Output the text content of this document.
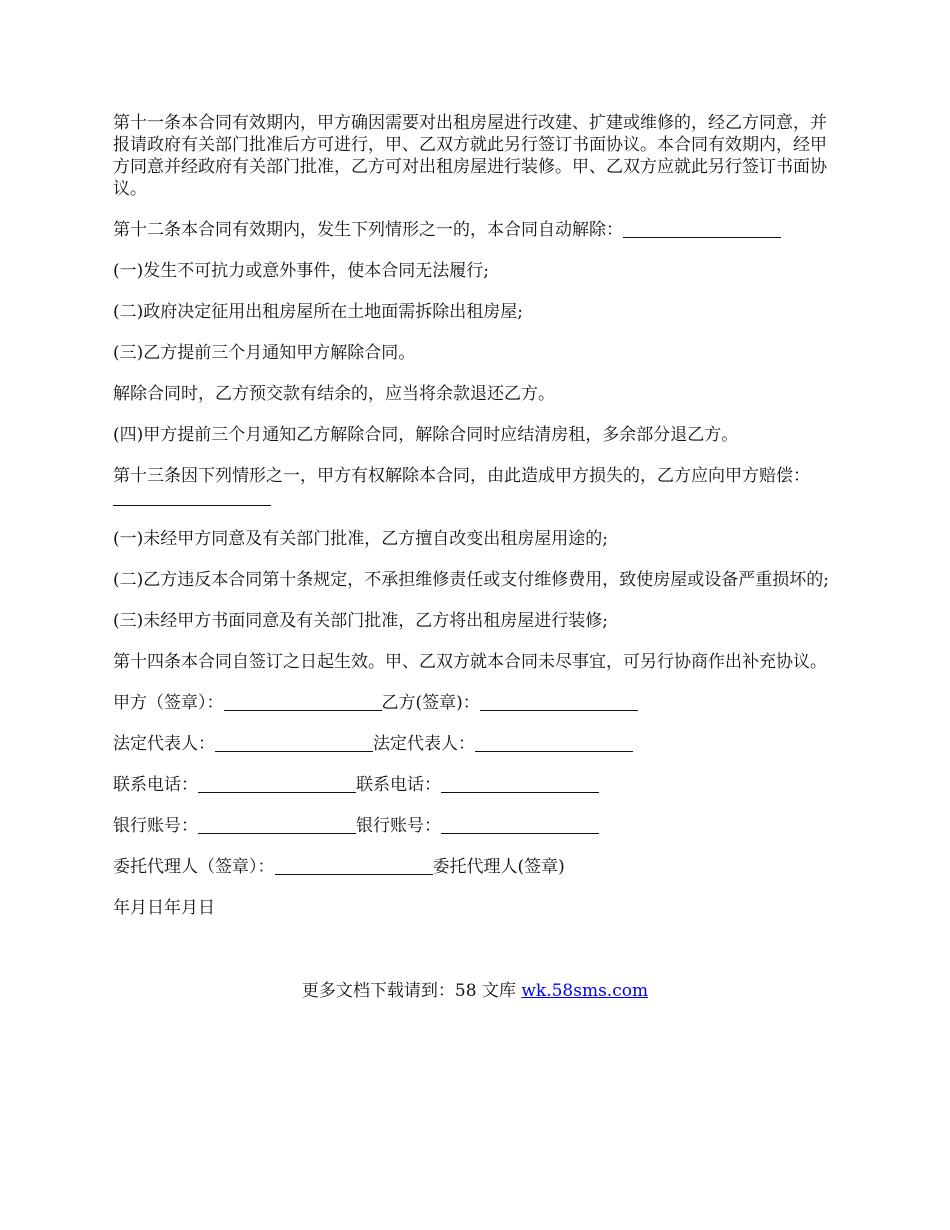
第十一条本合同有效期内，甲方确因需要对出租房屋进行改建、扩建或维修的，经乙方同意，并报请政府有关部门批准后方可进行，甲、乙双方就此另行签订书面协议。本合同有效期内，经甲方同意并经政府有关部门批准，乙方可对出租房屋进行装修。甲、乙双方应就此另行签订书面协议。

第十二条本合同有效期内，发生下列情形之一的，本合同自动解除：

(一)发生不可抗力或意外事件，使本合同无法履行;

(二)政府决定征用出租房屋所在土地面需拆除出租房屋;

(三)乙方提前三个月通知甲方解除合同。

解除合同时，乙方预交款有结余的，应当将余款退还乙方。

(四)甲方提前三个月通知乙方解除合同，解除合同时应结清房租，多余部分退乙方。

第十三条因下列情形之一，甲方有权解除本合同，由此造成甲方损失的，乙方应向甲方赔偿：

(一)未经甲方同意及有关部门批准，乙方擅自改变出租房屋用途的;

(二)乙方违反本合同第十条规定，不承担维修责任或支付维修费用，致使房屋或设备严重损坏的;

(三)未经甲方书面同意及有关部门批准，乙方将出租房屋进行装修;

第十四条本合同自签订之日起生效。甲、乙双方就本合同未尽事宜，可另行协商作出补充协议。

甲方（签章）：	乙方(签章)：

法定代表人：	法定代表人：

联系电话：	联系电话：

银行账号：	银行账号：

委托代理人（签章）：	委托代理人(签章)

年月日年月日

更多文档下载请到：58 文库 wk.58sms.com
